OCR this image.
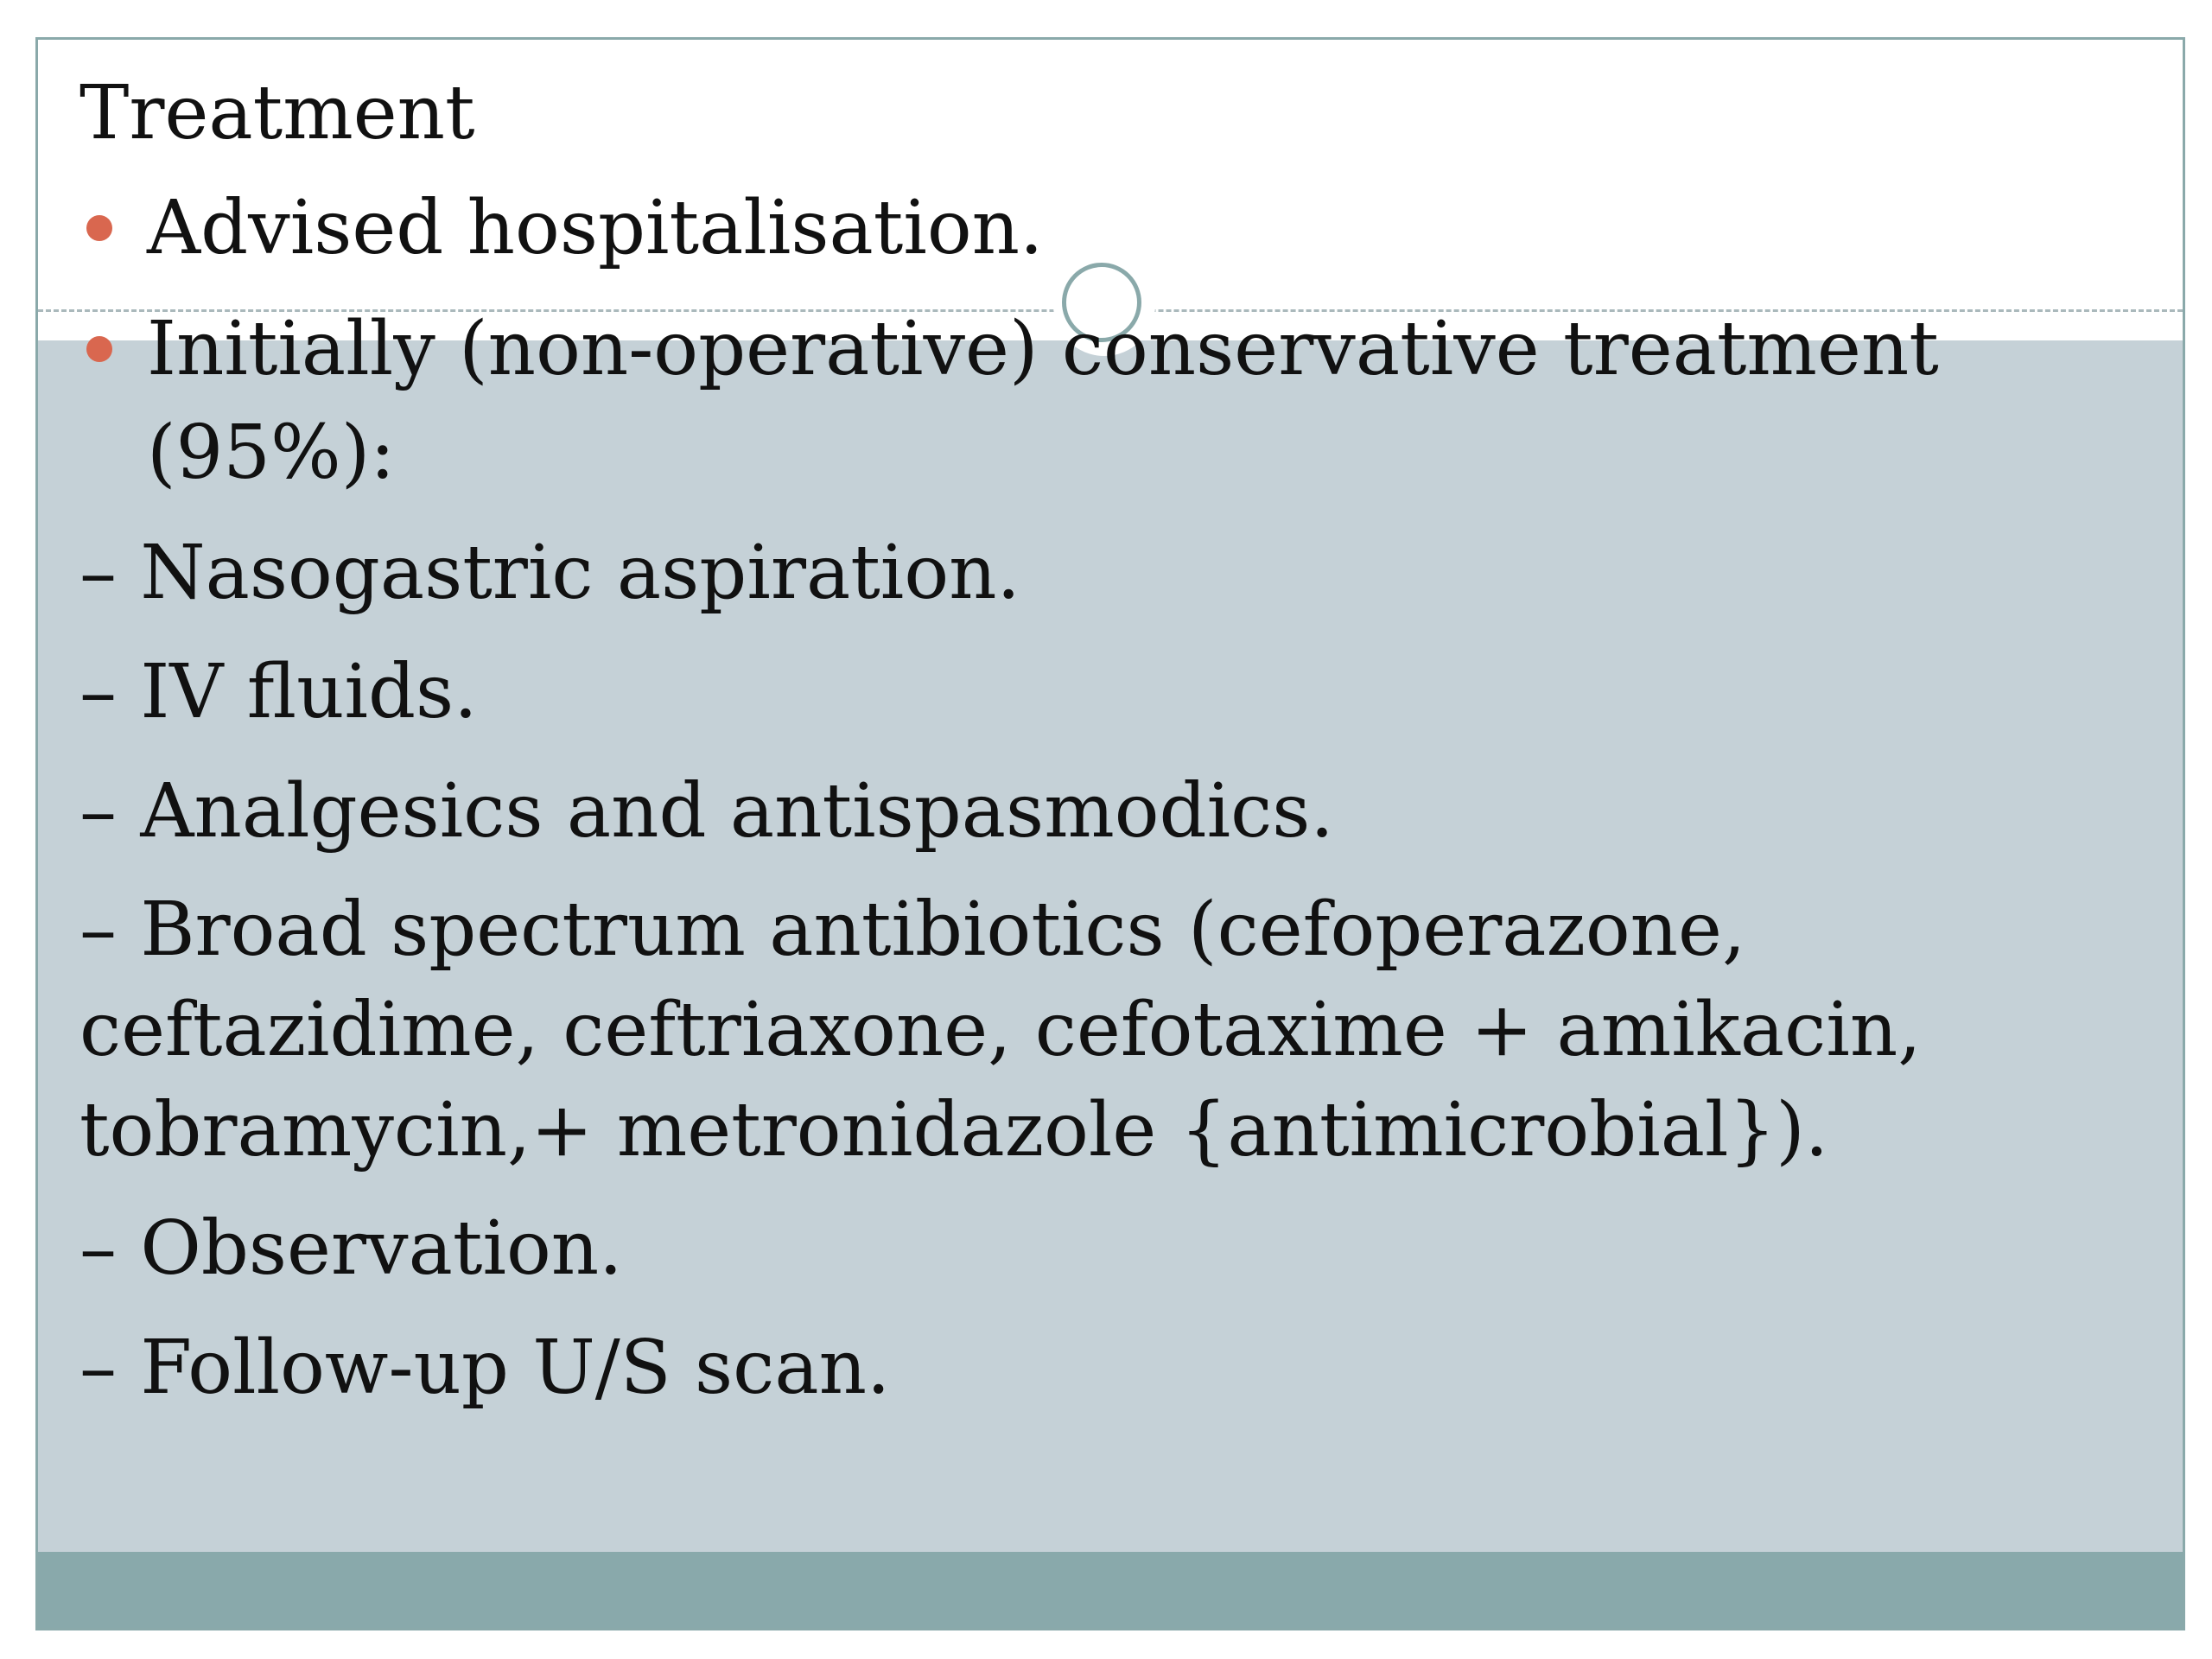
Treatment
Advised hospitalisation.
Initially (non-operative) conservative treatment (95%):
– Nasogastric aspiration.
– IV fluids.
– Analgesics and antispasmodics.
– Broad spectrum antibiotics (cefoperazone, ceftazidime, ceftriaxone, cefotaxime + amikacin, tobramycin,+ metronidazole {antimicrobial}).
– Observation.
– Follow-up U/S scan.
